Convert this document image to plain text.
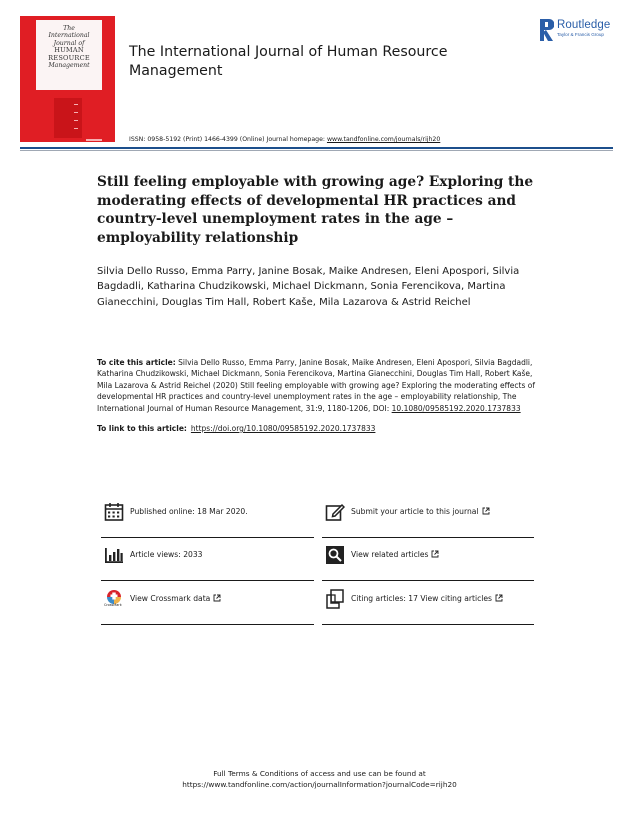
The
International
Journal of
HUMAN
RESOURCE
Management
The International Journal of Human Resource Management
Routledge
Taylor & Francis Group
ISSN: 0958-5192 (Print) 1466-4399 (Online) Journal homepage: www.tandfonline.com/journals/rijh20
Still feeling employable with growing age? Exploring the moderating effects of developmental HR practices and country-level unemployment rates in the age – employability relationship

Silvia Dello Russo, Emma Parry, Janine Bosak, Maike Andresen, Eleni Apospori, Silvia Bagdadli, Katharina Chudzikowski, Michael Dickmann, Sonia Ferencikova, Martina Gianecchini, Douglas Tim Hall, Robert Kaše, Mila Lazarova & Astrid Reichel

To cite this article: Silvia Dello Russo, Emma Parry, Janine Bosak, Maike Andresen, Eleni Apospori, Silvia Bagdadli, Katharina Chudzikowski, Michael Dickmann, Sonia Ferencikova, Martina Gianecchini, Douglas Tim Hall, Robert Kaše, Mila Lazarova & Astrid Reichel (2020) Still feeling employable with growing age? Exploring the moderating effects of developmental HR practices and country-level unemployment rates in the age – employability relationship, The International Journal of Human Resource Management, 31:9, 1180-1206, DOI: 10.1080/09585192.2020.1737833

To link to this article: https://doi.org/10.1080/09585192.2020.1737833

Published online: 18 Mar 2020.	Submit your article to this journal
Article views: 2033	View related articles
CrossMark
View Crossmark data	Citing articles: 17 View citing articles
Full Terms & Conditions of access and use can be found at
https://www.tandfonline.com/action/journalInformation?journalCode=rijh20
